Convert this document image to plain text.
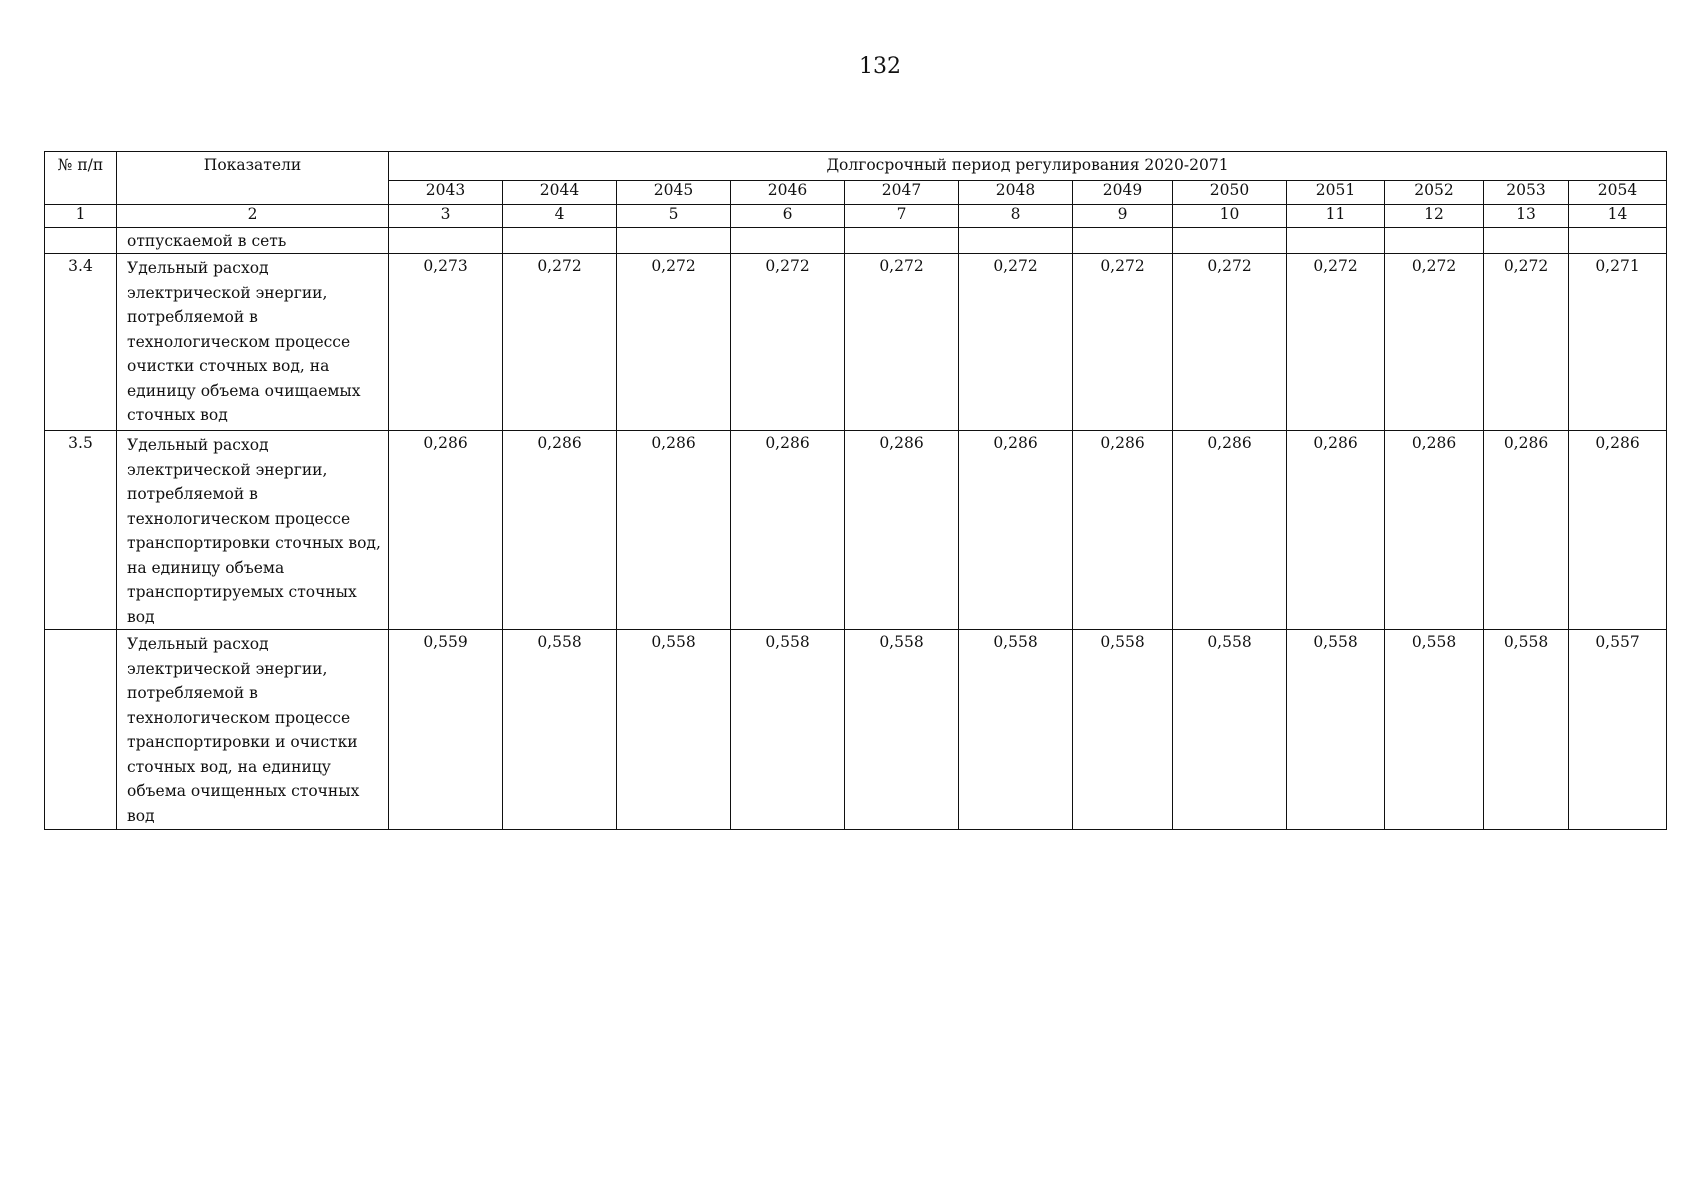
132
№ п/п	Показатели	Долгосрочный период регулирования 2020-2071											
		2043	2044	2045	2046	2047	2048	2049	2050	2051	2052	2053	2054
1	2	3	4	5	6	7	8	9	10	11	12	13	14
	отпускаемой в сеть												
3.4	Удельный расход электрической энергии, потребляемой в технологическом процессе очистки сточных вод, на единицу объема очищаемых сточных вод	0,273	0,272	0,272	0,272	0,272	0,272	0,272	0,272	0,272	0,272	0,272	0,271
3.5	Удельный расход электрической энергии, потребляемой в технологическом процессе транспортировки сточных вод, на единицу объема транспортируемых сточных вод	0,286	0,286	0,286	0,286	0,286	0,286	0,286	0,286	0,286	0,286	0,286	0,286
	Удельный расход электрической энергии, потребляемой в технологическом процессе транспортировки и очистки сточных вод, на единицу объема очищенных сточных вод	0,559	0,558	0,558	0,558	0,558	0,558	0,558	0,558	0,558	0,558	0,558	0,557
